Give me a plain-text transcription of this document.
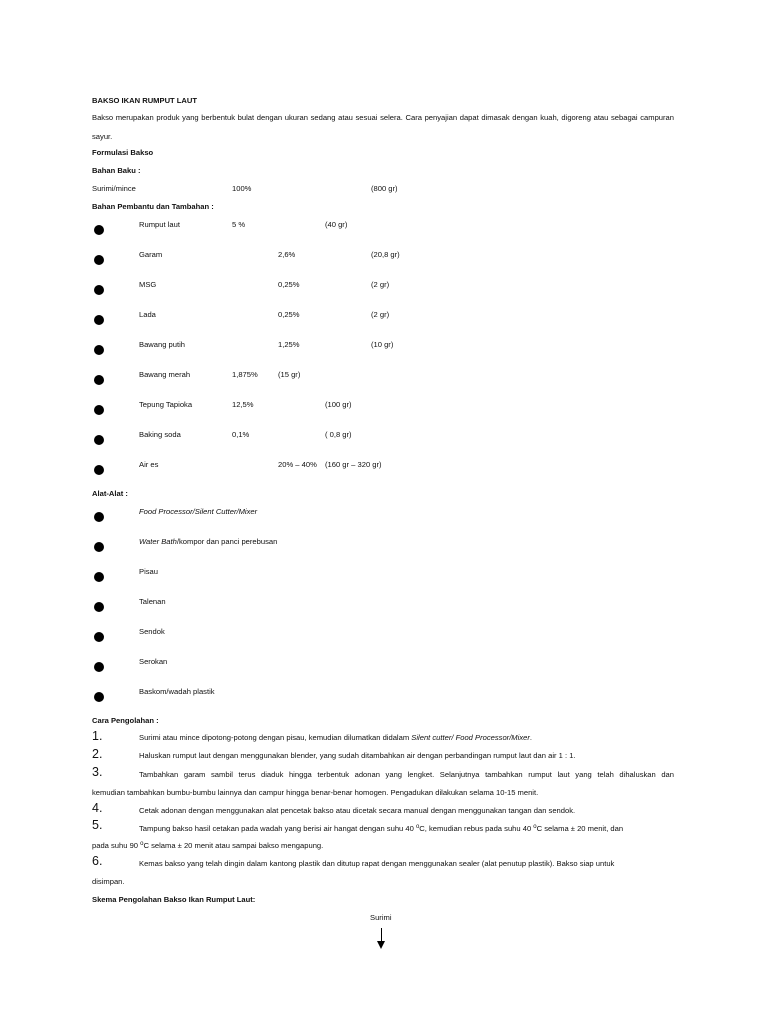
BAKSO IKAN RUMPUT LAUT
Bakso merupakan produk yang berbentuk bulat dengan ukuran sedang atau sesuai selera. Cara penyajian dapat dimasak dengan kuah, digoreng atau sebagai campuran sayur.
Formulasi Bakso
Bahan Baku :
Surimi/mince	100%	(800 gr)
Bahan Pembantu dan Tambahan :
Rumput laut	5 %	(40 gr)
Garam	2,6%	(20,8 gr)
MSG	0,25%	(2 gr)
Lada	0,25%	(2 gr)
Bawang putih	1,25%	(10 gr)
Bawang merah	1,875%	(15 gr)
Tepung Tapioka	12,5%	(100 gr)
Baking soda	0,1%	( 0,8 gr)
Air es	20% – 40% (160 gr – 320 gr)
Alat-Alat :
Food Processor/Silent Cutter/Mixer
Water Bath/kompor dan panci perebusan
Pisau
Talenan
Sendok
Serokan
Baskom/wadah plastik
Cara Pengolahan :
1.	Surimi atau mince dipotong-potong dengan pisau, kemudian dilumatkan didalam Silent cutter/ Food Processor/Mixer.
2.	Haluskan rumput laut dengan menggunakan blender, yang sudah ditambahkan air dengan perbandingan rumput laut dan air 1 : 1.
3.	Tambahkan garam sambil terus diaduk hingga terbentuk adonan yang lengket. Selanjutnya tambahkan rumput laut yang telah dihaluskan dan
kemudian tambahkan bumbu-bumbu lainnya dan campur hingga benar-benar homogen. Pengadukan dilakukan selama 10-15 menit.
4.	Cetak adonan dengan menggunakan alat pencetak bakso atau dicetak secara manual dengan menggunakan tangan dan sendok.
5.	Tampung bakso hasil cetakan pada wadah yang berisi air hangat dengan suhu 40 $^o$C, kemudian rebus pada suhu 40 $^o$C selama ± 20 menit, dan
pada suhu 90 $^o$C selama ± 20 menit atau sampai bakso mengapung.
6.	Kemas bakso yang telah dingin dalam kantong plastik dan ditutup rapat dengan menggunakan sealer (alat penutup plastik). Bakso siap untuk
disimpan.
Skema Pengolahan Bakso Ikan Rumput Laut:
Surimi
